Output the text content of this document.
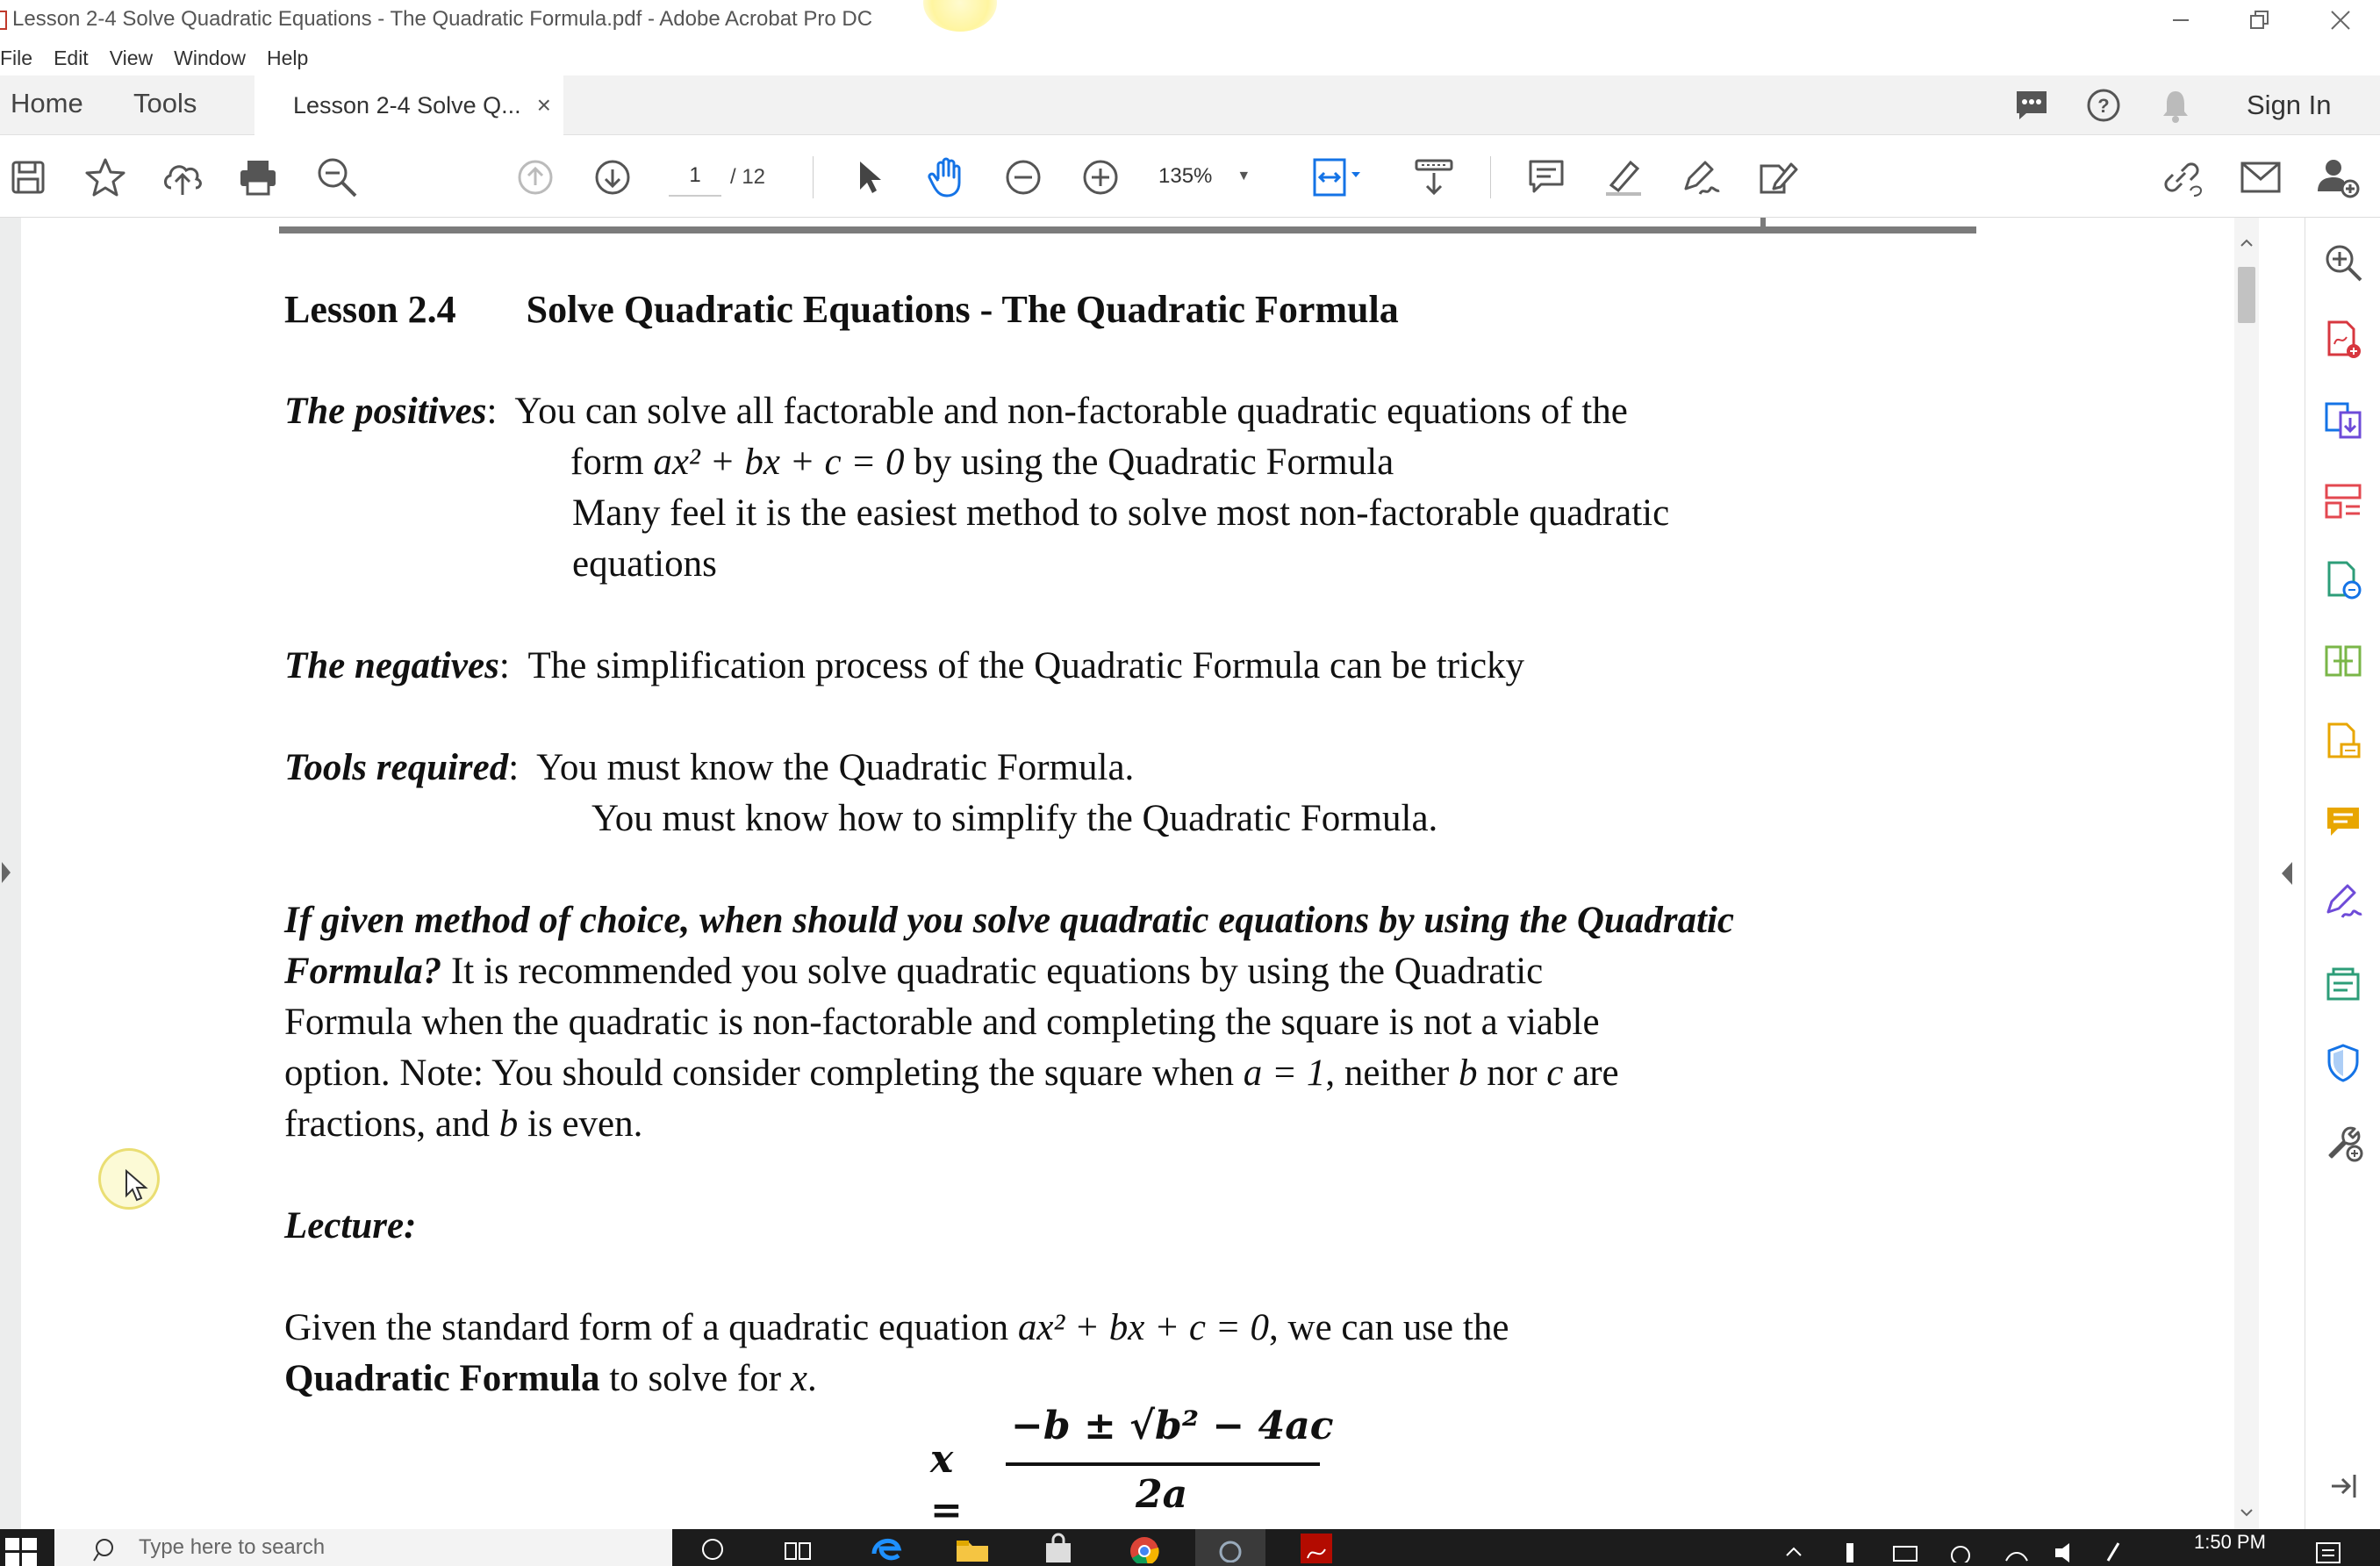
Lesson 2-4 Solve Quadratic Equations - The Quadratic Formula.pdf - Adobe Acrobat Pro DC
File	Edit	View	Window	Help
Home Tools	Lesson 2-4 Solve Q... ×	?	Sign In
1
/ 12	135% ▼

Lesson 2.4 Solve Quadratic Equations - The Quadratic Formula

The positives:  You can solve all factorable and non-factorable quadratic equations of the

form ax² + bx + c = 0 by using the Quadratic Formula

Many feel it is the easiest method to solve most non-factorable quadratic

equations

The negatives:  The simplification process of the Quadratic Formula can be tricky

Tools required:  You must know the Quadratic Formula.

You must know how to simplify the Quadratic Formula.

If given method of choice, when should you solve quadratic equations by using the Quadratic

Formula? It is recommended you solve quadratic equations by using the Quadratic

Formula when the quadratic is non-factorable and completing the square is not a viable

option. Note: You should consider completing the square when a = 1, neither b nor c are

fractions, and b is even.

Lecture:

Given the standard form of a quadratic equation ax² + bx + c = 0, we can use the

Quadratic Formula to solve for x.

x =
−b ± √b² − 4ac
2a
Type here to search	1:50 PM
